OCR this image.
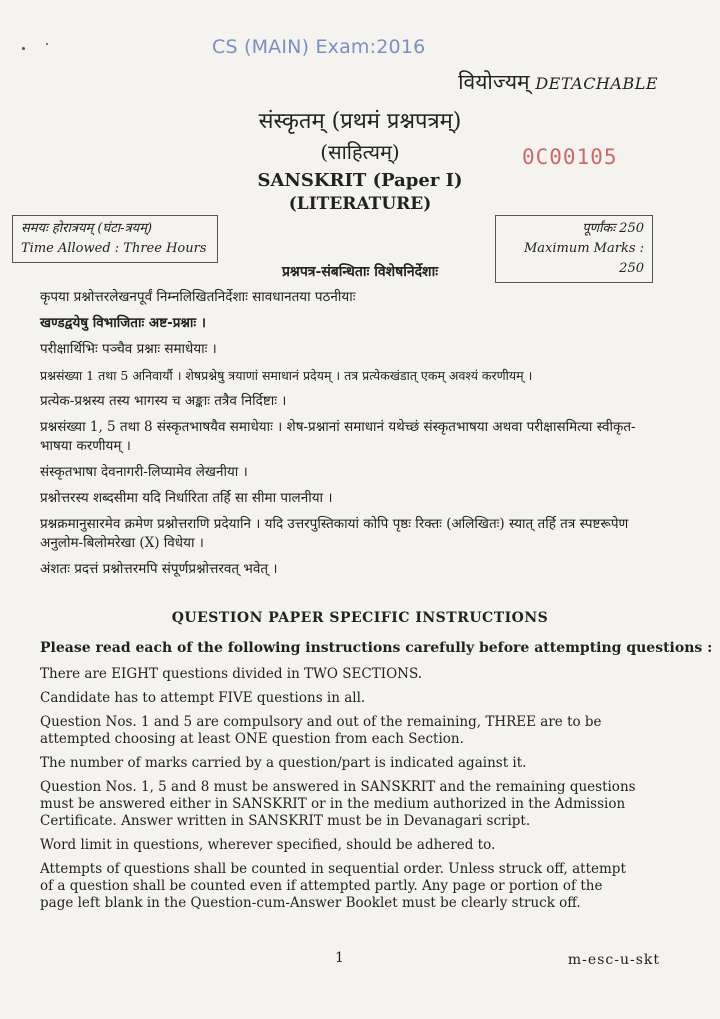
CS (MAIN) Exam:2016
वियोज्यम् DETACHABLE
संस्कृतम् (प्रथमं प्रश्नपत्रम्)
(साहित्यम्)	0C00105
SANSKRIT (Paper I)
(LITERATURE)
समयः होरात्रयम् (घंटा-त्रयम्)
Time Allowed : Three Hours
पूर्णांकः 250
Maximum Marks : 250
प्रश्नपत्र-संबन्धिताः विशेषनिर्देशाः

कृपया प्रश्नोत्तरलेखनपूर्वं निम्नलिखितनिर्देशाः सावधानतया पठनीयाः

खण्डद्वयेषु विभाजिताः अष्ट-प्रश्नाः ।

परीक्षार्थिभिः पञ्चैव प्रश्नाः समाधेयाः ।

प्रश्नसंख्या 1 तथा 5 अनिवार्यौ । शेषप्रश्नेषु त्रयाणां समाधानं प्रदेयम् । तत्र प्रत्येकखंडात् एकम् अवश्यं करणीयम् ।

प्रत्येक-प्रश्नस्य तस्य भागस्य च अङ्काः तत्रैव निर्दिष्टाः ।

प्रश्नसंख्या 1, 5 तथा 8 संस्कृतभाषयैव समाधेयाः । शेष-प्रश्नानां समाधानं यथेच्छं संस्कृतभाषया अथवा परीक्षासमित्या स्वीकृत-भाषया करणीयम् ।

संस्कृतभाषा देवनागरी-लिप्यामेव लेखनीया ।

प्रश्नोत्तरस्य शब्दसीमा यदि निर्धारिता तर्हि सा सीमा पालनीया ।

प्रश्नक्रमानुसारमेव क्रमेण प्रश्नोत्तराणि प्रदेयानि । यदि उत्तरपुस्तिकायां कोपि पृष्ठः रिक्तः (अलिखितः) स्यात् तर्हि तत्र स्पष्टरूपेण अनुलोम-बिलोमरेखा (X) विधेया ।

अंशतः प्रदत्तं प्रश्नोत्तरमपि संपूर्णप्रश्नोत्तरवत् भवेत् ।

QUESTION PAPER SPECIFIC INSTRUCTIONS
Please read each of the following instructions carefully before attempting questions :

There are EIGHT questions divided in TWO SECTIONS.

Candidate has to attempt FIVE questions in all.

Question Nos. 1 and 5 are compulsory and out of the remaining, THREE are to be attempted choosing at least ONE question from each Section.

The number of marks carried by a question/part is indicated against it.

Question Nos. 1, 5 and 8 must be answered in SANSKRIT and the remaining questions must be answered either in SANSKRIT or in the medium authorized in the Admission Certificate. Answer written in SANSKRIT must be in Devanagari script.

Word limit in questions, wherever specified, should be adhered to.

Attempts of questions shall be counted in sequential order. Unless struck off, attempt of a question shall be counted even if attempted partly. Any page or portion of the page left blank in the Question-cum-Answer Booklet must be clearly struck off.

1	m-esc-u-skt
